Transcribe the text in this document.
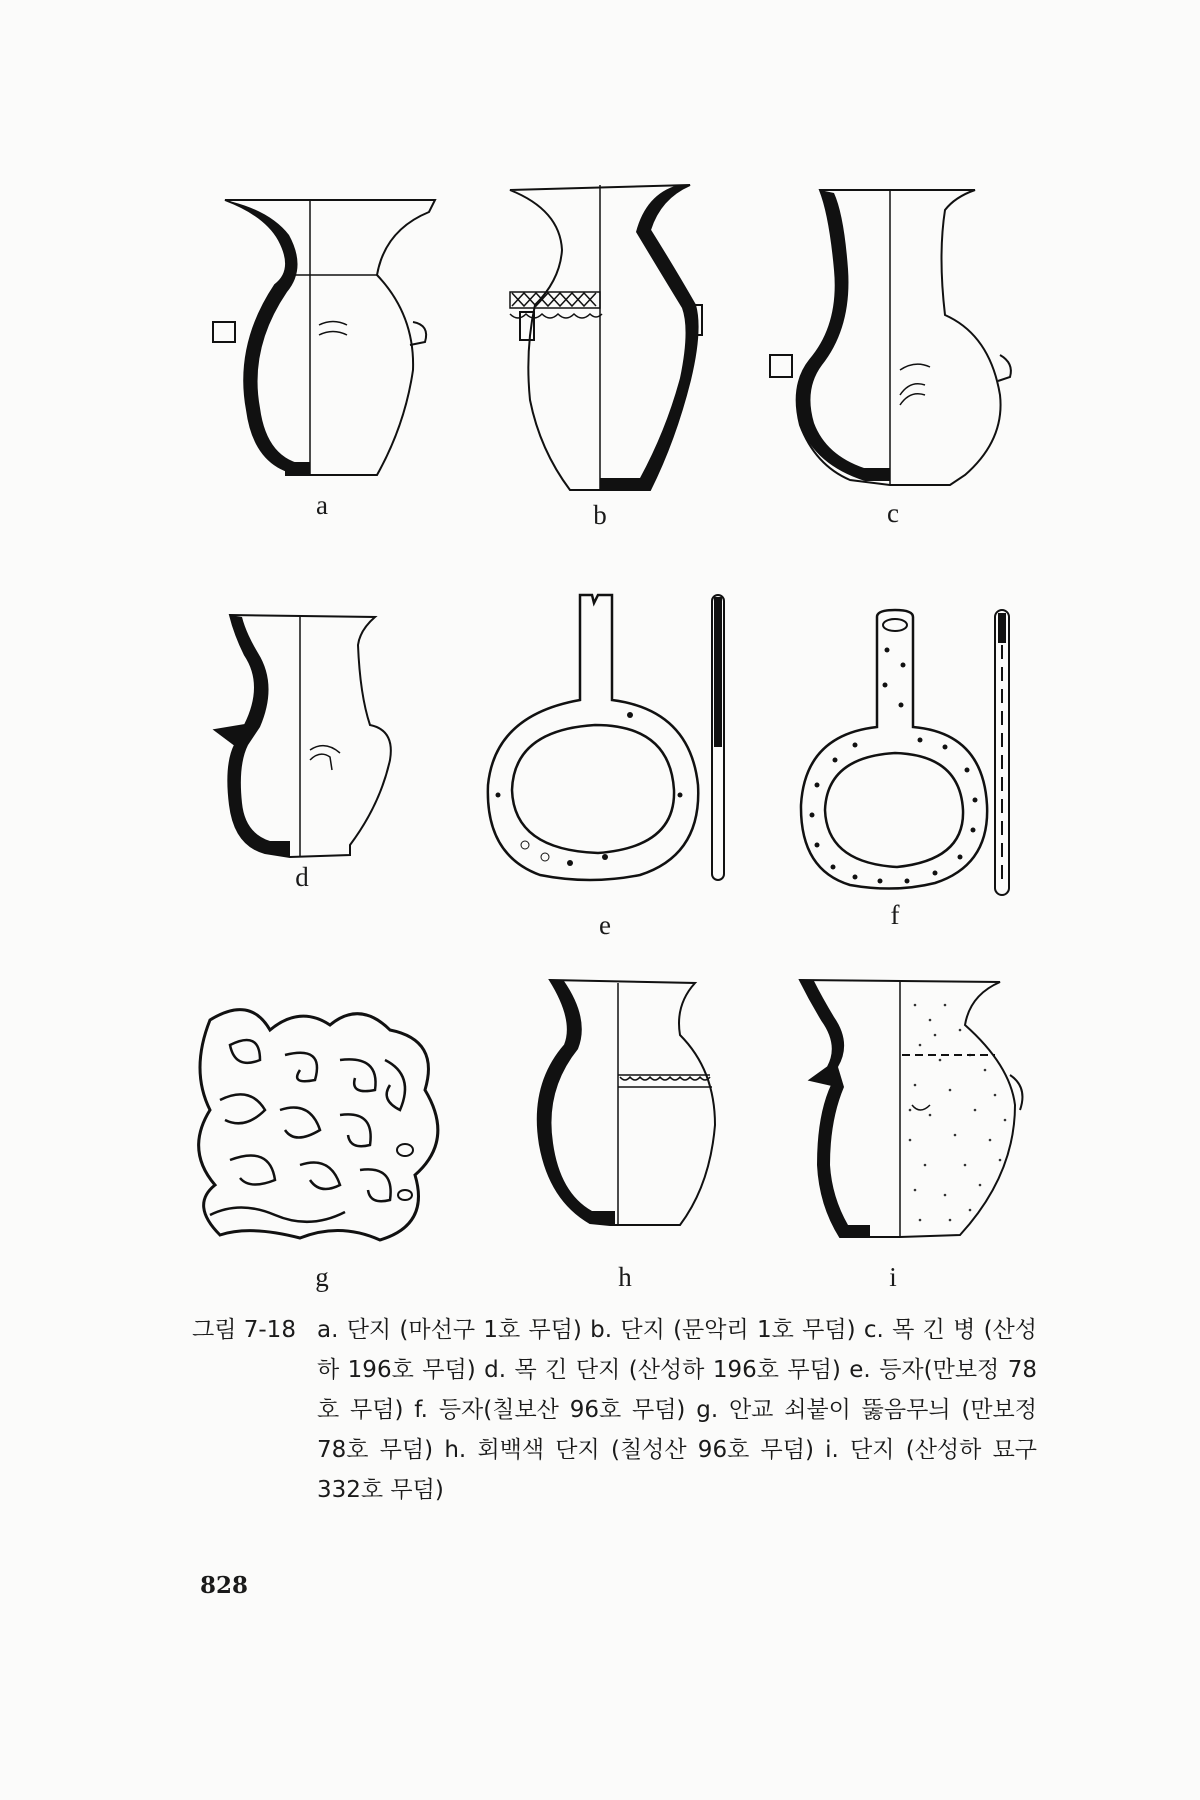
a	b	c
d
e	f
g	h	i
그림 7-18 a. 단지 (마선구 1호 무덤) b. 단지 (문악리 1호 무덤) c. 목 긴 병 (산성하 196호 무덤) d. 목 긴 단지 (산성하 196호 무덤) e. 등자(만보정 78호 무덤) f. 등자(칠보산 96호 무덤) g. 안교 쇠붙이 뚫음무늬 (만보정 78호 무덤) h. 회백색 단지 (칠성산 96호 무덤) i. 단지 (산성하 묘구 332호 무덤)
828
